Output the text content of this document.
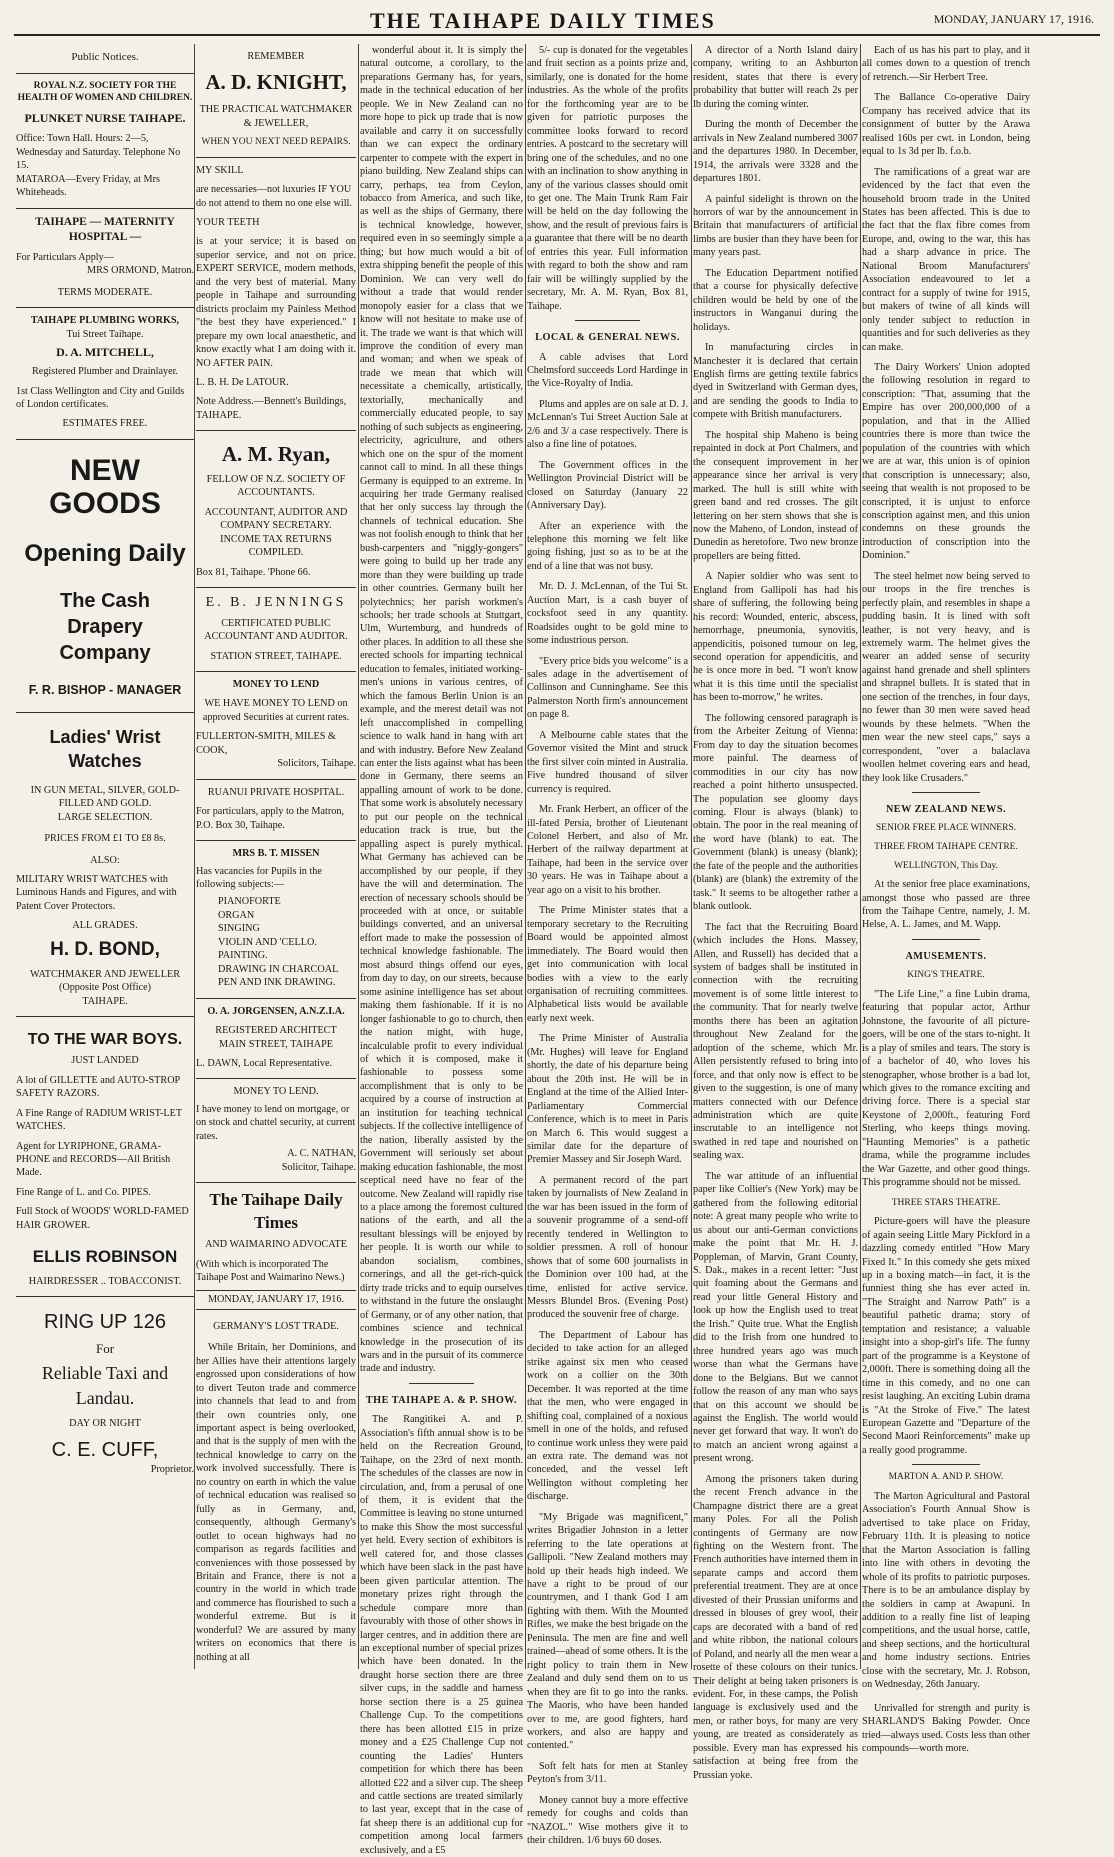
THE TAIHAPE DAILY TIMES	MONDAY, JANUARY 17, 1916.
Public Notices.
ROYAL N.Z. SOCIETY FOR THE HEALTH OF WOMEN AND CHILDREN.
PLUNKET NURSE TAIHAPE.
Office: Town Hall. Hours: 2—5, Wednesday and Saturday. Telephone No 15.
MATAROA—Every Friday, at Mrs Whiteheads.
TAIHAPE — MATERNITY HOSPITAL —
For Particulars Apply—
MRS ORMOND, Matron.
TERMS MODERATE.
TAIHAPE PLUMBING WORKS,
Tui Street Taihape.
D. A. MITCHELL,
Registered Plumber and Drainlayer.
1st Class Wellington and City and Guilds of London certificates.
ESTIMATES FREE.
NEW
GOODS
Opening Daily
The Cash Drapery Company
F. R. BISHOP - MANAGER
Ladies' Wrist Watches
IN GUN METAL, SILVER, GOLD-FILLED AND GOLD.
LARGE SELECTION.
PRICES FROM £1 TO £8 8s.
ALSO:
MILITARY WRIST WATCHES with Luminous Hands and Figures, and with Patent Cover Protectors.
ALL GRADES.
H. D. BOND,
WATCHMAKER AND JEWELLER (Opposite Post Office)
TAIHAPE.
TO THE WAR BOYS.
JUST LANDED
A lot of GILLETTE and AUTO-STROP SAFETY RAZORS.
A Fine Range of RADIUM WRIST-LET WATCHES.
Agent for LYRIPHONE, GRAMA-PHONE and RECORDS—All British Made.
Fine Range of L. and Co. PIPES.
Full Stock of WOODS' WORLD-FAMED HAIR GROWER.
ELLIS ROBINSON
HAIRDRESSER .. TOBACCONIST.
RING UP 126
For
Reliable Taxi and Landau.
DAY OR NIGHT
C. E. CUFF,
Proprietor.
REMEMBER
A. D. KNIGHT,
THE PRACTICAL WATCHMAKER & JEWELLER,
WHEN YOU NEXT NEED REPAIRS.
MY SKILL
are necessaries—not luxuries IF YOU do not attend to them no one else will.
YOUR TEETH
is at your service; it is based on superior service, and not on price. EXPERT SERVICE, modern methods, and the very best of material. Many people in Taihape and surrounding districts proclaim my Painless Method "the best they have experienced." I prepare my own local anaesthetic, and know exactly what I am doing with it. NO AFTER PAIN.
L. B. H. De LATOUR.
Note Address.—Bennett's Buildings, TAIHAPE.
A. M. Ryan,
FELLOW OF N.Z. SOCIETY OF ACCOUNTANTS.
ACCOUNTANT, AUDITOR AND COMPANY SECRETARY.
INCOME TAX RETURNS COMPILED.
Box 81, Taihape. 'Phone 66.
E. B. JENNINGS
CERTIFICATED PUBLIC ACCOUNTANT AND AUDITOR.
STATION STREET, TAIHAPE.
MONEY TO LEND
WE HAVE MONEY TO LEND on approved Securities at current rates.
FULLERTON-SMITH, MILES & COOK,
Solicitors, Taihape.
RUANUI PRIVATE HOSPITAL.
For particulars, apply to the Matron, P.O. Box 30, Taihape.
MRS B. T. MISSEN
Has vacancies for Pupils in the following subjects:—
PIANOFORTE
ORGAN
SINGING
VIOLIN AND 'CELLO.
PAINTING.
DRAWING IN CHARCOAL
PEN AND INK DRAWING.
O. A. JORGENSEN, A.N.Z.I.A.
REGISTERED ARCHITECT
MAIN STREET, TAIHAPE
L. DAWN, Local Representative.
MONEY TO LEND.
I have money to lend on mortgage, or on stock and chattel security, at current rates.
A. C. NATHAN,
Solicitor, Taihape.
The Taihape Daily Times
AND WAIMARINO ADVOCATE
(With which is incorporated The Taihape Post and Waimarino News.)
MONDAY, JANUARY 17, 1916.
GERMANY'S LOST TRADE.

While Britain, her Dominions, and her Allies have their attentions largely engrossed upon considerations of how to divert Teuton trade and commerce into channels that lead to and from their own countries only, one important aspect is being overlooked, and that is the supply of men with the technical knowledge to carry on the work involved successfully. There is no country on earth in which the value of technical education was realised so fully as in Germany, and, consequently, although Germany's outlet to ocean highways had no comparison as regards facilities and conveniences with those possessed by Britain and France, there is not a country in the world in which trade and commerce has flourished to such a wonderful extreme. But is it wonderful? We are assured by many writers on economics that there is nothing at all

wonderful about it. It is simply the natural outcome, a corollary, to the preparations Germany has, for years, made in the technical education of her people. We in New Zealand can no more hope to pick up trade that is now available and carry it on successfully than we can expect the ordinary carpenter to compete with the expert in piano building. New Zealand ships can carry, perhaps, tea from Ceylon, tobacco from America, and such like, as well as the ships of Germany, there is technical knowledge, however, required even in so seemingly simple a thing; but how much would a bit of extra shipping benefit the people of this Dominion. We can very well do without a trade that would render monopoly easier for a class that we know will not hesitate to make use of it. The trade we want is that which will improve the condition of every man and woman; and when we speak of trade we mean that which will necessitate a chemically, artistically, textorially, mechanically and commercially educated people, to say nothing of such subjects as engineering, electricity, agriculture, and others which one on the spur of the moment cannot call to mind. In all these things Germany is equipped to an extreme. In acquiring her trade Germany realised that her only success lay through the channels of technical education. She was not foolish enough to think that her bush-carpenters and "niggly-gongers" were going to build up her trade any more than they were building up trade in other countries. Germany built her polytechnics; her parish workmen's schools; her trade schools at Stuttgart, Ulm, Wurtemburg, and hundreds of other places. In addition to all these she erected schools for imparting technical education to females, initiated working-men's unions in various centres, of which the famous Berlin Union is an example, and the merest detail was not left unaccomplished in compelling science to walk hand in hang with art and with industry. Before New Zealand can enter the lists against what has been done in Germany, there seems an appalling amount of work to be done. That some work is absolutely necessary to put our people on the technical education track is true, but the appalling aspect is purely mythical. What Germany has achieved can be accomplished by our people, if they have the will and determination. The erection of necessary schools should be proceeded with at once, or suitable buildings converted, and an universal effort made to make the possession of technical knowledge fashionable. The most absurd things offend our eyes, from day to day, on our streets, because some asinine intelligence has set about making them fashionable. If it is no longer fashionable to go to church, then the nation might, with huge, incalculable profit to every individual of which it is composed, make it fashionable to possess some accomplishment that is only to be acquired by a course of instruction at an institution for teaching technical subjects. If the collective intelligence of the nation, liberally assisted by the Government will seriously set about making education fashionable, the most sceptical need have no fear of the outcome. New Zealand will rapidly rise to a place among the foremost cultured nations of the earth, and all the resultant blessings will be enjoyed by her people. It is worth our while to abandon socialism, combines, cornerings, and all the get-rich-quick dirty trade tricks and to equip ourselves to withstand in the future the onslaught of Germany, or of any other nation, that combines science and technical knowledge in the prosecution of its wars and in the pursuit of its commerce trade and industry.

THE TAIHAPE A. & P. SHOW.

The Rangitikei A. and P. Association's fifth annual show is to be held on the Recreation Ground, Taihape, on the 23rd of next month. The schedules of the classes are now in circulation, and, from a perusal of one of them, it is evident that the Committee is leaving no stone unturned to make this Show the most successful yet held. Every section of exhibitors is well catered for, and those classes which have been slack in the past have been given particular attention. The monetary prizes right through the schedule compare more than favourably with those of other shows in larger centres, and in addition there are an exceptional number of special prizes which have been donated. In the draught horse section there are three silver cups, in the saddle and harness horse section there is a 25 guinea Challenge Cup. To the competitions there has been allotted £15 in prize money and a £25 Challenge Cup not counting the Ladies' Hunters competition for which there has been allotted £22 and a silver cup. The sheep and cattle sections are treated similarly to last year, except that in the case of fat sheep there is an additional cup for competition among local farmers exclusively, and a £5

5/- cup is donated for the vegetables and fruit section as a points prize and, similarly, one is donated for the home industries. As the whole of the profits for the forthcoming year are to be given for patriotic purposes the committee looks forward to record entries. A postcard to the secretary will bring one of the schedules, and no one with an inclination to show anything in any of the various classes should omit to get one. The Main Trunk Ram Fair will be held on the day following the show, and the result of previous fairs is a guarantee that there will be no dearth of entries this year. Full information with regard to both the show and ram fair will be willingly supplied by the secretary, Mr. A. M. Ryan, Box 81, Taihape.

LOCAL & GENERAL NEWS.

A cable advises that Lord Chelmsford succeeds Lord Hardinge in the Vice-Royalty of India.

Plums and apples are on sale at D. J. McLennan's Tui Street Auction Sale at 2/6 and 3/ a case respectively. There is also a fine line of potatoes.

The Government offices in the Wellington Provincial District will be closed on Saturday (January 22 (Anniversary Day).

After an experience with the telephone this morning we felt like going fishing, just so as to be at the end of a line that was not busy.

Mr. D. J. McLennan, of the Tui St. Auction Mart, is a cash buyer of cocksfoot seed in any quantity. Roadsides ought to be gold mine to some industrious person.

"Every price bids you welcome" is a sales adage in the advertisement of Collinson and Cunninghame. See this Palmerston North firm's announcement on page 8.

A Melbourne cable states that the Governor visited the Mint and struck the first silver coin minted in Australia. Five hundred thousand of silver currency is required.

Mr. Frank Herbert, an officer of the ill-fated Persia, brother of Lieutenant Colonel Herbert, and also of Mr. Herbert of the railway department at Taihape, had been in the service over 30 years. He was in Taihape about a year ago on a visit to his brother.

The Prime Minister states that a temporary secretary to the Recruiting Board would be appointed almost immediately. The Board would then get into communication with local bodies with a view to the early organisation of recruiting committees. Alphabetical lists would be available early next week.

The Prime Minister of Australia (Mr. Hughes) will leave for England shortly, the date of his departure being about the 20th inst. He will be in England at the time of the Allied Inter-Parliamentary Commercial Conference, which is to meet in Paris on March 6. This would suggest a similar date for the departure of Premier Massey and Sir Joseph Ward.

A permanent record of the part taken by journalists of New Zealand in the war has been issued in the form of a souvenir programme of a send-off recently tendered in Wellington to soldier pressmen. A roll of honour shows that of some 600 journalists in the Dominion over 100 had, at the time, enlisted for active service. Messrs Blundel Bros. (Evening Post) produced the souvenir free of charge.

The Department of Labour has decided to take action for an alleged strike against six men who ceased work on a collier on the 30th December. It was reported at the time that the men, who were engaged in shifting coal, complained of a noxious smell in one of the holds, and refused to continue work unless they were paid an extra rate. The demand was not conceded, and the vessel left Wellington without completing her discharge.

"My Brigade was magnificent," writes Brigadier Johnston in a letter referring to the late operations at Gallipoli. "New Zealand mothers may hold up their heads high indeed. We have a right to be proud of our countrymen, and I thank God I am fighting with them. With the Mounted Rifles, we make the best brigade on the Peninsula. The men are fine and well trained—ahead of some others. It is the right policy to train them in New Zealand and duly send them on to us when they are fit to go into the ranks. The Maoris, who have been handed over to me, are good fighters, hard workers, and also are happy and contented."

Soft felt hats for men at Stanley Peyton's from 3/11.

Money cannot buy a more effective remedy for coughs and colds than "NAZOL." Wise mothers give it to their children. 1/6 buys 60 doses.

A director of a North Island dairy company, writing to an Ashburton resident, states that there is every probability that butter will reach 2s per lb during the coming winter.

During the month of December the arrivals in New Zealand numbered 3007 and the departures 1980. In December, 1914, the arrivals were 3328 and the departures 1801.

A painful sidelight is thrown on the horrors of war by the announcement in Britain that manufacturers of artificial limbs are busier than they have been for many years past.

The Education Department notified that a course for physically defective children would be held by one of the instructors in Wanganui during the holidays.

In manufacturing circles in Manchester it is declared that certain English firms are getting textile fabrics dyed in Switzerland with German dyes, and are sending the goods to India to compete with British manufacturers.

The hospital ship Maheno is being repainted in dock at Port Chalmers, and the consequent improvement in her appearance since her arrival is very marked. The hull is still white with green band and red crosses. The gilt lettering on her stern shows that she is now the Maheno, of London, instead of Dunedin as heretofore. Two new bronze propellers are being fitted.

A Napier soldier who was sent to England from Gallipoli has had his share of suffering, the following being his record: Wounded, enteric, abscess, hemorrhage, pneumonia, synovitis, appendicitis, poisoned tumour on leg, second operation for appendicitis, and he is once more in bed. "I won't know what it is this time until the specialist has been to-morrow," he writes.

The following censored paragraph is from the Arbeiter Zeitung of Vienna: From day to day the situation becomes more painful. The dearness of commodities in our city has now reached a point hitherto unsuspected. The population see gloomy days coming. Flour is always (blank) to obtain. The poor in the real meaning of the word have (blank) to eat. The Government (blank) is uneasy (blank); the fate of the people and the authorities (blank) are (blank) the extremity of the task." It seems to be altogether rather a blank outlook.

The fact that the Recruiting Board (which includes the Hons. Massey, Allen, and Russell) has decided that a system of badges shall be instituted in connection with the recruiting movement is of some little interest to the community. That for nearly twelve months there has been an agitation throughout New Zealand for the adoption of the scheme, which Mr. Allen persistently refused to bring into force, and that only now is effect to be given to the suggestion, is one of many matters connected with our Defence administration which are quite inscrutable to an intelligence not swathed in red tape and nourished on sealing wax.

The war attitude of an influential paper like Collier's (New York) may be gathered from the following editorial note: A great many people who write to us about our anti-German convictions make the point that Mr. H. J. Poppleman, of Marvin, Grant County, S. Dak., makes in a recent letter: "Just quit foaming about the Germans and read your little General History and look up how the English used to treat the Irish." Quite true. What the English did to the Irish from one hundred to three hundred years ago was much worse than what the Germans have done to the Belgians. But we cannot follow the reason of any man who says that on this account we should be against the English. The world would never get forward that way. It won't do to match an ancient wrong against a present wrong.

Among the prisoners taken during the recent French advance in the Champagne district there are a great many Poles. For all the Polish contingents of Germany are now fighting on the Western front. The French authorities have interned them in separate camps and accord them preferential treatment. They are at once divested of their Prussian uniforms and dressed in blouses of grey wool, their caps are decorated with a band of red and white ribbon, the national colours of Poland, and nearly all the men wear a rosette of these colours on their tunics. Their delight at being taken prisoners is evident. For, in these camps, the Polish language is exclusively used and the men, or rather boys, for many are very young, are treated as considerately as possible. Every man has expressed his satisfaction at being free from the Prussian yoke.

Each of us has his part to play, and it all comes down to a question of trench of retrench.—Sir Herbert Tree.

The Ballance Co-operative Dairy Company has received advice that its consignment of butter by the Arawa realised 160s per cwt. in London, being equal to 1s 3d per lb. f.o.b.

The ramifications of a great war are evidenced by the fact that even the household broom trade in the United States has been affected. This is due to the fact that the flax fibre comes from Europe, and, owing to the war, this has had a sharp advance in price. The National Broom Manufacturers' Association endeavoured to let a contract for a supply of twine for 1915, but makers of twine of all kinds will only tender subject to reduction in quantities and for such deliveries as they can make.

The Dairy Workers' Union adopted the following resolution in regard to conscription: "That, assuming that the Empire has over 200,000,000 of a population, and that in the Allied countries there is more than twice the population of the countries with which we are at war, this union is of opinion that conscription is unnecessary; also, seeing that wealth is not proposed to be conscripted, it is unjust to enforce conscription against men, and this union condemns on these grounds the introduction of conscription into the Dominion."

The steel helmet now being served to our troops in the fire trenches is perfectly plain, and resembles in shape a pudding basin. It is lined with soft leather, is not very heavy, and is extremely warm. The helmet gives the wearer an added sense of security against hand grenade and shell splinters and shrapnel bullets. It is stated that in one section of the trenches, in four days, no fewer than 30 men were saved head wounds by these helmets. "When the men wear the new steel caps," says a correspondent, "over a balaclava woollen helmet covering ears and head, they look like Crusaders."

NEW ZEALAND NEWS.
SENIOR FREE PLACE WINNERS.
THREE FROM TAIHAPE CENTRE.
WELLINGTON, This Day.

At the senior free place examinations, amongst those who passed are three from the Taihape Centre, namely, J. M. Helse, A. L. James, and M. Wapp.

AMUSEMENTS.
KING'S THEATRE.

"The Life Line," a fine Lubin drama, featuring that popular actor, Arthur Johnstone, the favourite of all picture-goers, will be one of the stars to-night. It is a play of smiles and tears. The story is of a bachelor of 40, who loves his stenographer, whose brother is a bad lot, which gives to the romance exciting and driving force. There is a special star Keystone of 2,000ft., featuring Ford Sterling, who keeps things moving. "Haunting Memories" is a pathetic drama, while the programme includes the War Gazette, and other good things. This programme should not be missed.

THREE STARS THEATRE.

Picture-goers will have the pleasure of again seeing Little Mary Pickford in a dazzling comedy entitled "How Mary Fixed It." In this comedy she gets mixed up in a boxing match—in fact, it is the funniest thing she has ever acted in. "The Straight and Narrow Path" is a beautiful pathetic drama; story of temptation and resistance; a valuable insight into a shop-girl's life. The funny part of the programme is a Keystone of 2,000ft. There is something doing all the time in this comedy, and no one can resist laughing. An exciting Lubin drama is "At the Stroke of Five." The latest European Gazette and "Departure of the Second Maori Reinforcements" make up a really good programme.

MARTON A. AND P. SHOW.

The Marton Agricultural and Pastoral Association's Fourth Annual Show is advertised to take place on Friday, February 11th. It is pleasing to notice that the Marton Association is falling into line with others in devoting the whole of its profits to patriotic purposes. There is to be an ambulance display by the soldiers in camp at Awapuni. In addition to a really fine list of leaping competitions, and the usual horse, cattle, and sheep sections, and the horticultural and home industry sections. Entries close with the secretary, Mr. J. Robson, on Wednesday, 26th January.

Unrivalled for strength and purity is SHARLAND'S Baking Powder. Once tried—always used. Costs less than other compounds—worth more.
